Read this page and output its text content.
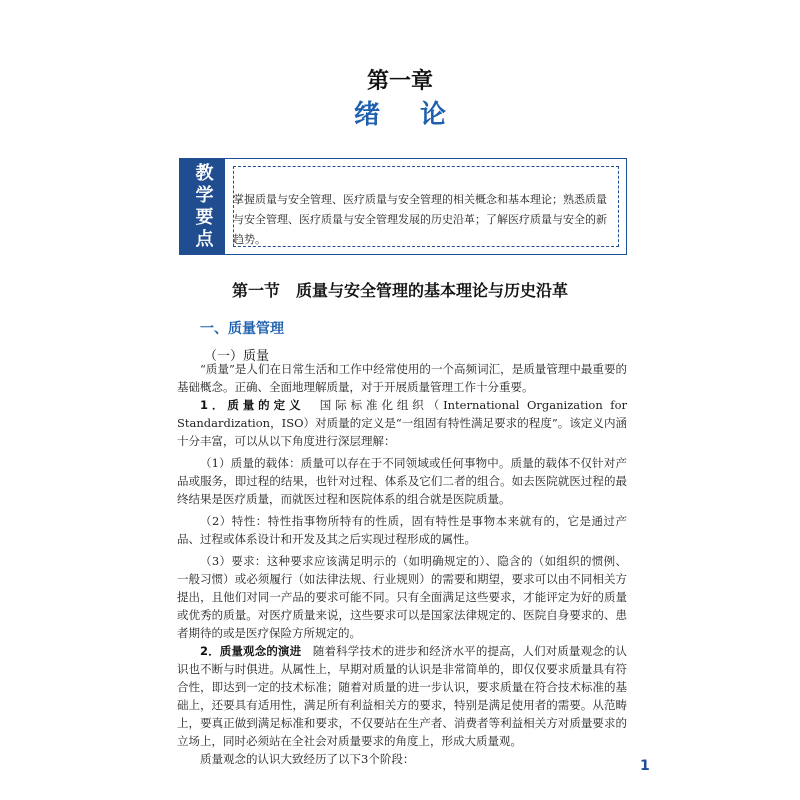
第一章
绪论
教学要点 掌握质量与安全管理、医疗质量与安全管理的相关概念和基本理论；熟悉质量与安全管理、医疗质量与安全管理发展的历史沿革；了解医疗质量与安全的新趋势。
第一节　质量与安全管理的基本理论与历史沿革
一、质量管理
（一）质量

“质量”是人们在日常生活和工作中经常使用的一个高频词汇，是质量管理中最重要的基础概念。正确、全面地理解质量，对于开展质量管理工作十分重要。

1．质量的定义　国际标准化组织（International Organization for Standardization，ISO）对质量的定义是“一组固有特性满足要求的程度”。该定义内涵十分丰富，可以从以下角度进行深层理解：

（1）质量的载体：质量可以存在于不同领域或任何事物中。质量的载体不仅针对产品或服务，即过程的结果，也针对过程、体系及它们二者的组合。如去医院就医过程的最终结果是医疗质量，而就医过程和医院体系的组合就是医院质量。

（2）特性：特性指事物所特有的性质，固有特性是事物本来就有的，它是通过产品、过程或体系设计和开发及其之后实现过程形成的属性。

（3）要求：这种要求应该满足明示的（如明确规定的）、隐含的（如组织的惯例、一般习惯）或必须履行（如法律法规、行业规则）的需要和期望，要求可以由不同相关方提出，且他们对同一产品的要求可能不同。只有全面满足这些要求，才能评定为好的质量或优秀的质量。对医疗质量来说，这些要求可以是国家法律规定的、医院自身要求的、患者期待的或是医疗保险方所规定的。

2．质量观念的演进　随着科学技术的进步和经济水平的提高，人们对质量观念的认识也不断与时俱进。从属性上，早期对质量的认识是非常简单的，即仅仅要求质量具有符合性，即达到一定的技术标准；随着对质量的进一步认识，要求质量在符合技术标准的基础上，还要具有适用性，满足所有利益相关方的要求，特别是满足使用者的需要。从范畴上，要真正做到满足标准和要求，不仅要站在生产者、消费者等利益相关方对质量要求的立场上，同时必须站在全社会对质量要求的角度上，形成大质量观。

质量观念的认识大致经历了以下3个阶段：	1
